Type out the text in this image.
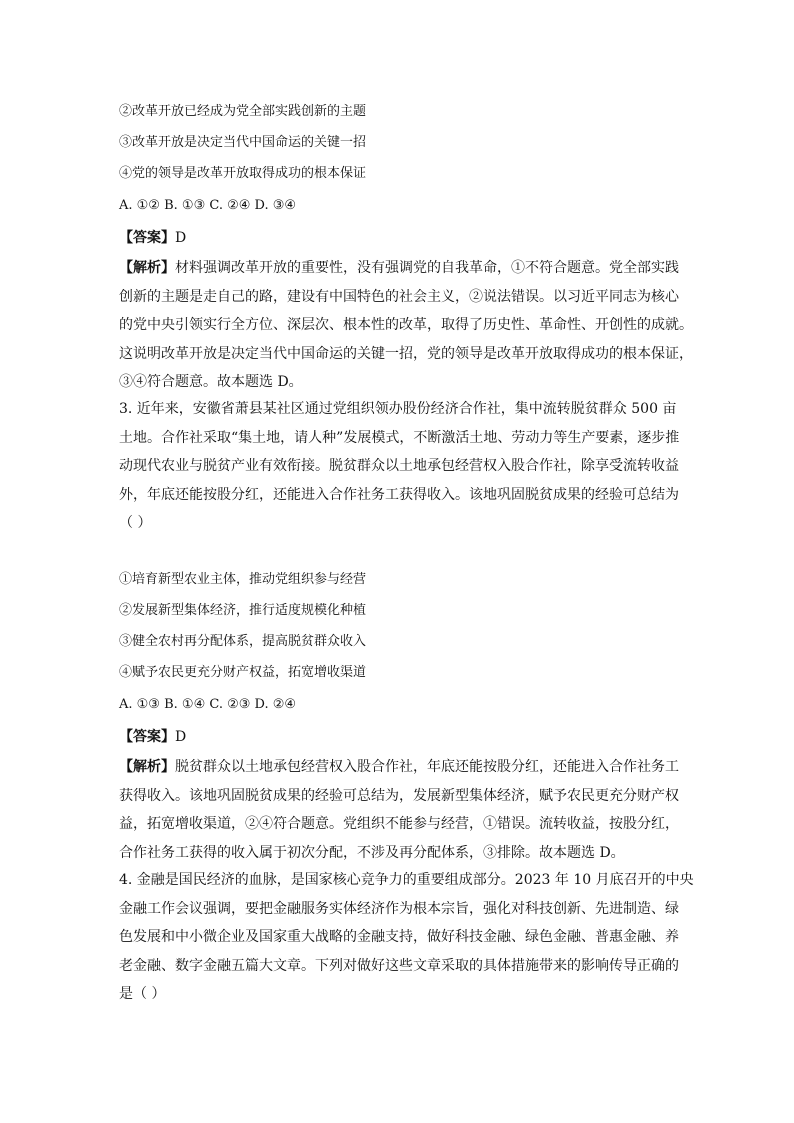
②改革开放已经成为党全部实践创新的主题
③改革开放是决定当代中国命运的关键一招
④党的领导是改革开放取得成功的根本保证
A. ①② B. ①③ C. ②④ D. ③④
【答案】D
【解析】材料强调改革开放的重要性，没有强调党的自我革命，①不符合题意。党全部实践
创新的主题是走自己的路，建设有中国特色的社会主义，②说法错误。以习近平同志为核心
的党中央引领实行全方位、深层次、根本性的改革，取得了历史性、革命性、开创性的成就。
这说明改革开放是决定当代中国命运的关键一招，党的领导是改革开放取得成功的根本保证，
③④符合题意。故本题选 D。
3. 近年来，安徽省萧县某社区通过党组织领办股份经济合作社，集中流转脱贫群众 500 亩
土地。合作社采取“集土地，请人种”发展模式，不断激活土地、劳动力等生产要素，逐步推
动现代农业与脱贫产业有效衔接。脱贫群众以土地承包经营权入股合作社，除享受流转收益
外，年底还能按股分红，还能进入合作社务工获得收入。该地巩固脱贫成果的经验可总结为
（ ）
①培育新型农业主体，推动党组织参与经营
②发展新型集体经济，推行适度规模化种植
③健全农村再分配体系，提高脱贫群众收入
④赋予农民更充分财产权益，拓宽增收渠道
A. ①③ B. ①④ C. ②③ D. ②④
【答案】D
【解析】脱贫群众以土地承包经营权入股合作社，年底还能按股分红，还能进入合作社务工
获得收入。该地巩固脱贫成果的经验可总结为，发展新型集体经济，赋予农民更充分财产权
益，拓宽增收渠道，②④符合题意。党组织不能参与经营，①错误。流转收益，按股分红，
合作社务工获得的收入属于初次分配，不涉及再分配体系，③排除。故本题选 D。
4. 金融是国民经济的血脉，是国家核心竞争力的重要组成部分。2023 年 10 月底召开的中央
金融工作会议强调，要把金融服务实体经济作为根本宗旨，强化对科技创新、先进制造、绿
色发展和中小微企业及国家重大战略的金融支持，做好科技金融、绿色金融、普惠金融、养
老金融、数字金融五篇大文章。下列对做好这些文章采取的具体措施带来的影响传导正确的
是（ ）
